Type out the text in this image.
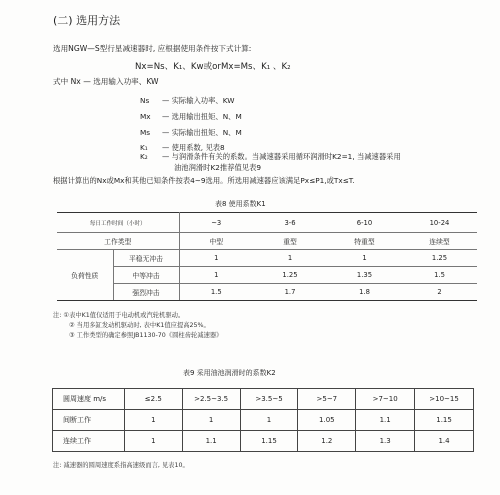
(二) 选用方法
选用NGW—S型行星减速器时, 应根据使用条件按下式计算:
Nx=Ns、K₁、Kw或orMx=Ms、K₁ 、K₂
式中 Nx — 选用输入功率、KW
Ns — 实际输入功率、KW
Mx — 选用输出扭矩、N、M
Ms — 实际输出扭矩、N、M
K₁ — 使用系数, 见表8
K₂ — 与润滑条件有关的系数。当减速器采用循环润滑时K2=1, 当减速器采用
油池润滑时K2推荐值见表9
根据计算出的Nx或Mx和其他已知条件按表4~9选用。所选用减速器应该满足Px≤P1,或Tx≤T.
表8 使用系数K1
每日工作时间（小时）		~3	3-6	6-10	10-24
工作类型		中型	重型	特重型	连续型
负荷性质	平稳无冲击	1	1	1	1.25
	中等冲击	1	1.25	1.35	1.5
	强烈冲击	1.5	1.7	1.8	2
注: ①表中K1值仅适用于电动机或汽轮机驱动。
② 当用多缸发动机驱动时, 表中K1值应提高25%。
③ 工作类型的确定参照JB1130-70《圆柱齿轮减速器》
表9 采用油池润滑时的系数K2
圆周速度 m/s	≤2.5	>2.5~3.5	>3.5~5	>5~7	>7~10	>10~15
间断工作	1	1	1	1.05	1.1	1.15
连续工作	1	1.1	1.15	1.2	1.3	1.4
注: 减速器的圆周速度系指高速级而言, 见表10。
